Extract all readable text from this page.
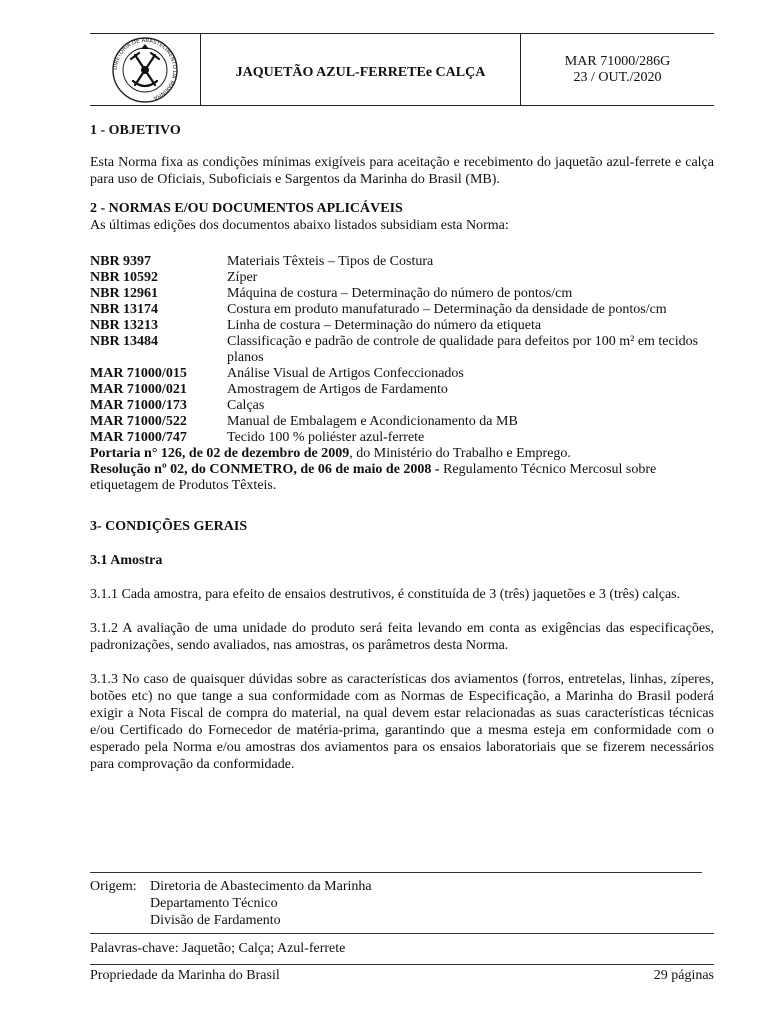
DIRETORIA DE ABASTECIMENTO DA MARINHA
JAQUETÃO AZUL-FERRETEe CALÇA
MAR 71000/286G
23 / OUT./2020
1 - OBJETIVO

Esta Norma fixa as condições mínimas exigíveis para aceitação e recebimento do jaquetão azul-ferrete e calça para uso de Oficiais, Suboficiais e Sargentos da Marinha do Brasil (MB).

2 - NORMAS E/OU DOCUMENTOS APLICÁVEIS

As últimas edições dos documentos abaixo listados subsidiam esta Norma:

NBR 9397	Materiais Têxteis – Tipos de Costura
NBR 10592	Zíper
NBR 12961	Máquina de costura – Determinação do número de pontos/cm
NBR 13174	Costura em produto manufaturado – Determinação da densidade de pontos/cm
NBR 13213	Linha de costura – Determinação do número da etiqueta
NBR 13484	Classificação e padrão de controle de qualidade para defeitos por 100 m² em tecidos planos
MAR 71000/015	Análise Visual de Artigos Confeccionados
MAR 71000/021	Amostragem de Artigos de Fardamento
MAR 71000/173	Calças
MAR 71000/522	Manual de Embalagem e Acondicionamento da MB
MAR 71000/747	Tecido 100 % poliéster azul-ferrete
Portaria n° 126, de 02 de dezembro de 2009, do Ministério do Trabalho e Emprego.
Resolução nº 02, do CONMETRO, de 06 de maio de 2008 - Regulamento Técnico Mercosul sobre etiquetagem de Produtos Têxteis.
3- CONDIÇÕES GERAIS
3.1 Amostra

3.1.1 Cada amostra, para efeito de ensaios destrutivos, é constituída de 3 (três) jaquetões e 3 (três) calças.

3.1.2 A avaliação de uma unidade do produto será feita levando em conta as exigências das especificações, padronizações, sendo avaliados, nas amostras, os parâmetros desta Norma.

3.1.3 No caso de quaisquer dúvidas sobre as características dos aviamentos (forros, entretelas, linhas, zíperes, botões etc) no que tange a sua conformidade com as Normas de Especificação, a Marinha do Brasil poderá exigir a Nota Fiscal de compra do material, na qual devem estar relacionadas as suas características técnicas e/ou Certificado do Fornecedor de matéria-prima, garantindo que a mesma esteja em conformidade com o esperado pela Norma e/ou amostras dos aviamentos para os ensaios laboratoriais que se fizerem necessários para comprovação da conformidade.

Origem: Diretoria de Abastecimento da Marinha
Departamento Técnico
Divisão de Fardamento
Palavras-chave: Jaquetão; Calça; Azul-ferrete
Propriedade da Marinha do Brasil	29 páginas
